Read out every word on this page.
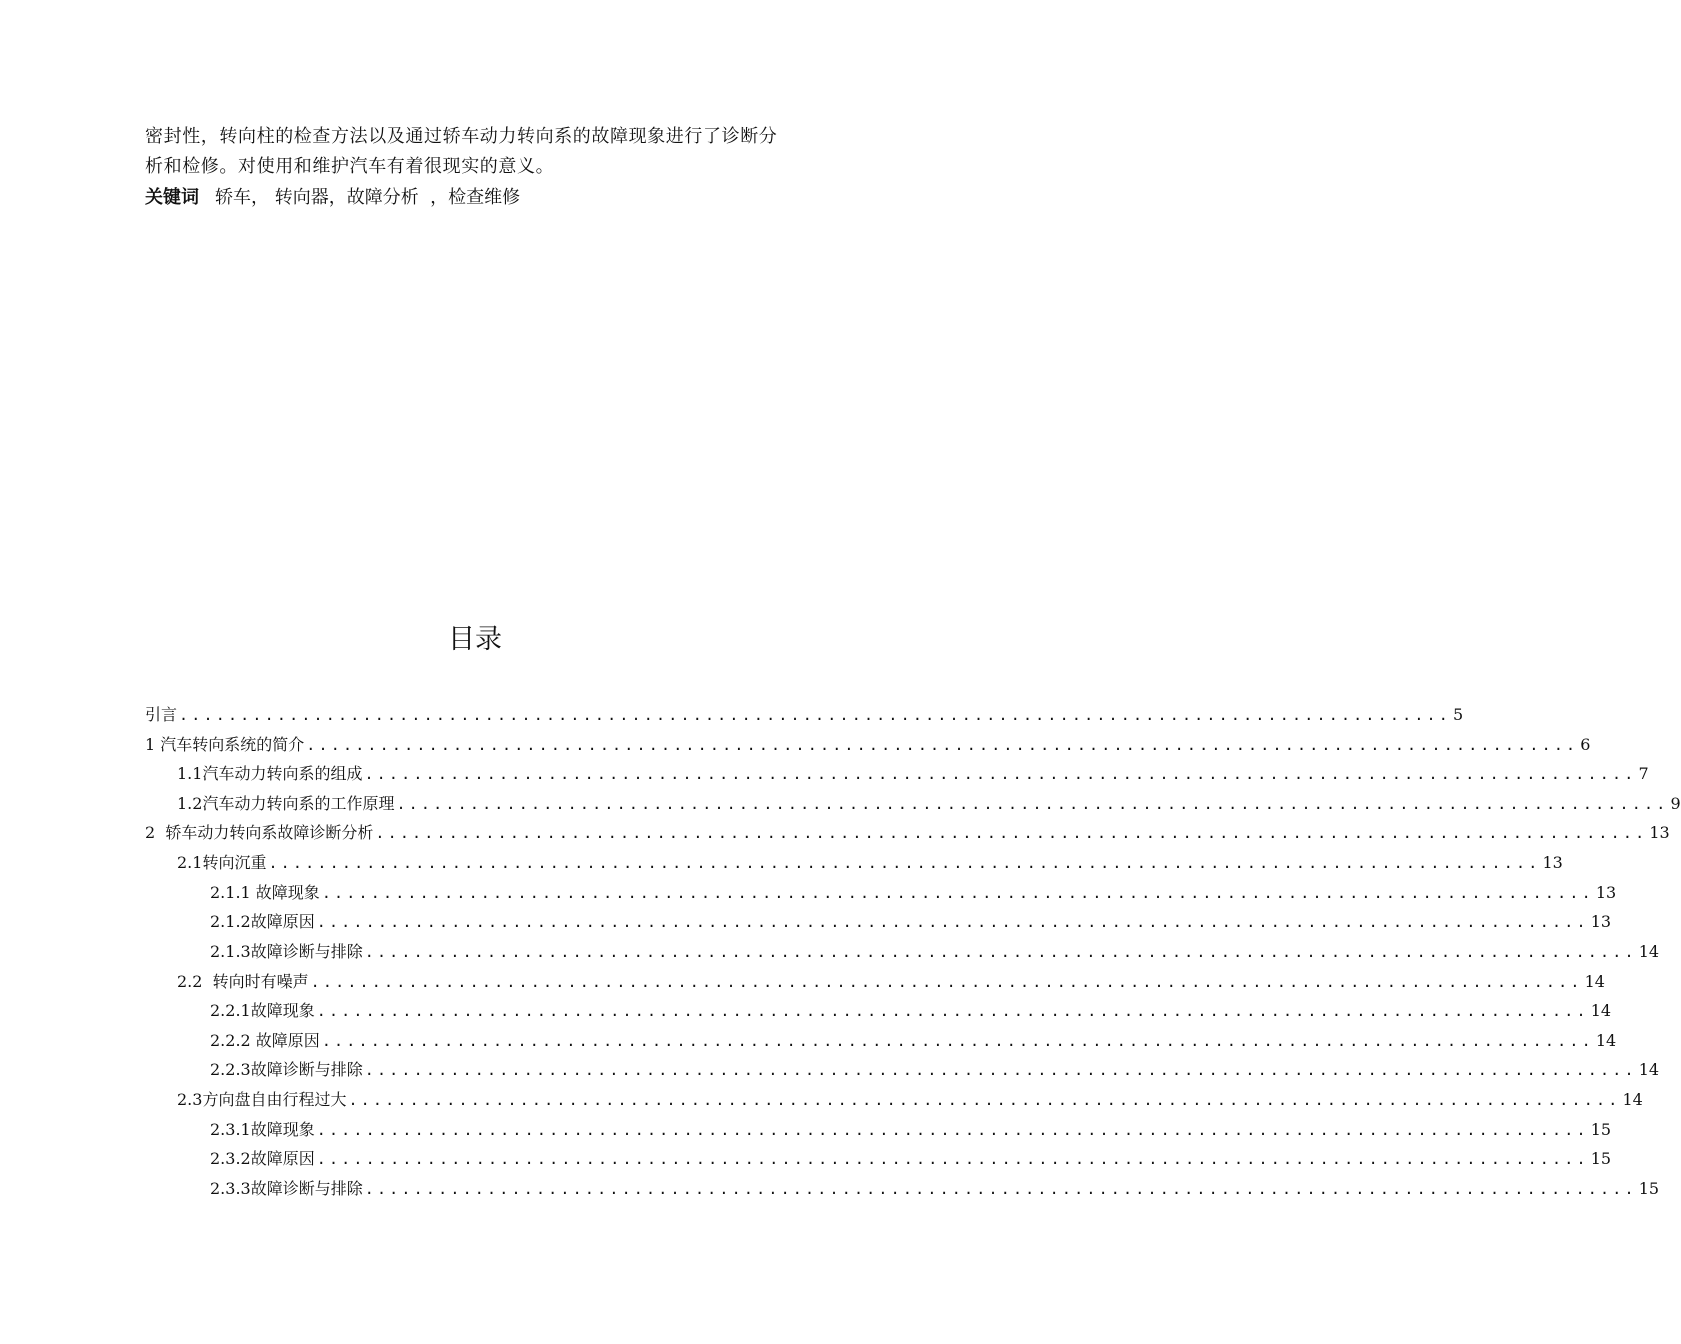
密封性，转向柱的检查方法以及通过轿车动力转向系的故障现象进行了诊断分

析和检修。对使用和维护汽车有着很现实的意义。

关键词 轿车， 转向器，故障分析  ，检查维修
目录
引言 ........................................................................................................ 5
1 汽车转向系统的简介 ........................................................................................................ 6
1.1汽车动力转向系的组成 ........................................................................................................ 7
1.2汽车动力转向系的工作原理 ........................................................................................................ 9
2  轿车动力转向系故障诊断分析 ........................................................................................................ 13
2.1转向沉重 ........................................................................................................ 13
2.1.1 故障现象 ........................................................................................................ 13
2.1.2故障原因 ........................................................................................................ 13
2.1.3故障诊断与排除 ........................................................................................................ 14
2.2  转向时有噪声 ........................................................................................................ 14
2.2.1故障现象 ........................................................................................................ 14
2.2.2 故障原因 ........................................................................................................ 14
2.2.3故障诊断与排除 ........................................................................................................ 14
2.3方向盘自由行程过大 ........................................................................................................ 14
2.3.1故障现象 ........................................................................................................ 15
2.3.2故障原因 ........................................................................................................ 15
2.3.3故障诊断与排除 ........................................................................................................ 15
